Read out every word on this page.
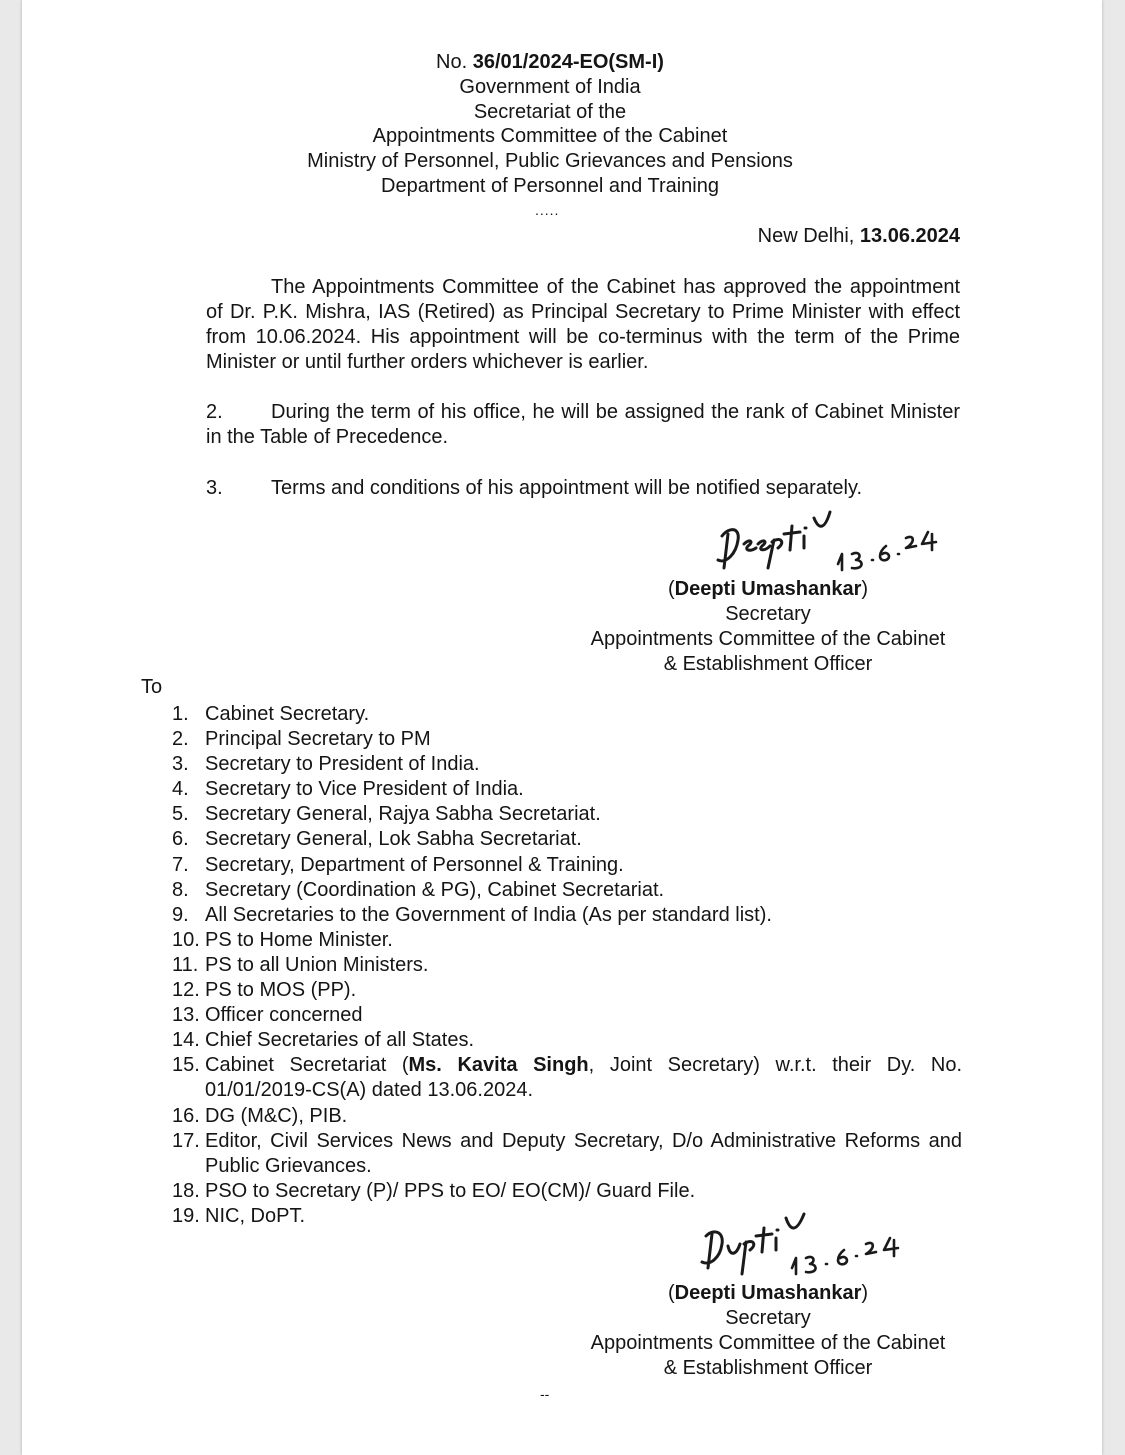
No. 36/01/2024-EO(SM-I)
Government of India
Secretariat of the
Appointments Committee of the Cabinet
Ministry of Personnel, Public Grievances and Pensions
Department of Personnel and Training
.....
New Delhi, 13.06.2024
The Appointments Committee of the Cabinet has approved the appointment of Dr. P.K. Mishra, IAS (Retired) as Principal Secretary to Prime Minister with effect from 10.06.2024. His appointment will be co-terminus with the term of the Prime Minister or until further orders whichever is earlier.
2. During the term of his office, he will be assigned the rank of Cabinet Minister in the Table of Precedence.
3. Terms and conditions of his appointment will be notified separately.
(Deepti Umashankar)
Secretary
Appointments Committee of the Cabinet
& Establishment Officer
To
1. Cabinet Secretary.
2. Principal Secretary to PM
3. Secretary to President of India.
4. Secretary to Vice President of India.
5. Secretary General, Rajya Sabha Secretariat.
6. Secretary General, Lok Sabha Secretariat.
7. Secretary, Department of Personnel & Training.
8. Secretary (Coordination & PG), Cabinet Secretariat.
9. All Secretaries to the Government of India (As per standard list).
10. PS to Home Minister.
11. PS to all Union Ministers.
12. PS to MOS (PP).
13. Officer concerned
14. Chief Secretaries of all States.
15. Cabinet Secretariat (Ms. Kavita Singh, Joint Secretary) w.r.t. their Dy. No. 01/01/2019-CS(A) dated 13.06.2024.
16. DG (M&C), PIB.
17. Editor, Civil Services News and Deputy Secretary, D/o Administrative Reforms and Public Grievances.
18. PSO to Secretary (P)/ PPS to EO/ EO(CM)/ Guard File.
19. NIC, DoPT.
(Deepti Umashankar)
Secretary
Appointments Committee of the Cabinet
& Establishment Officer
--
